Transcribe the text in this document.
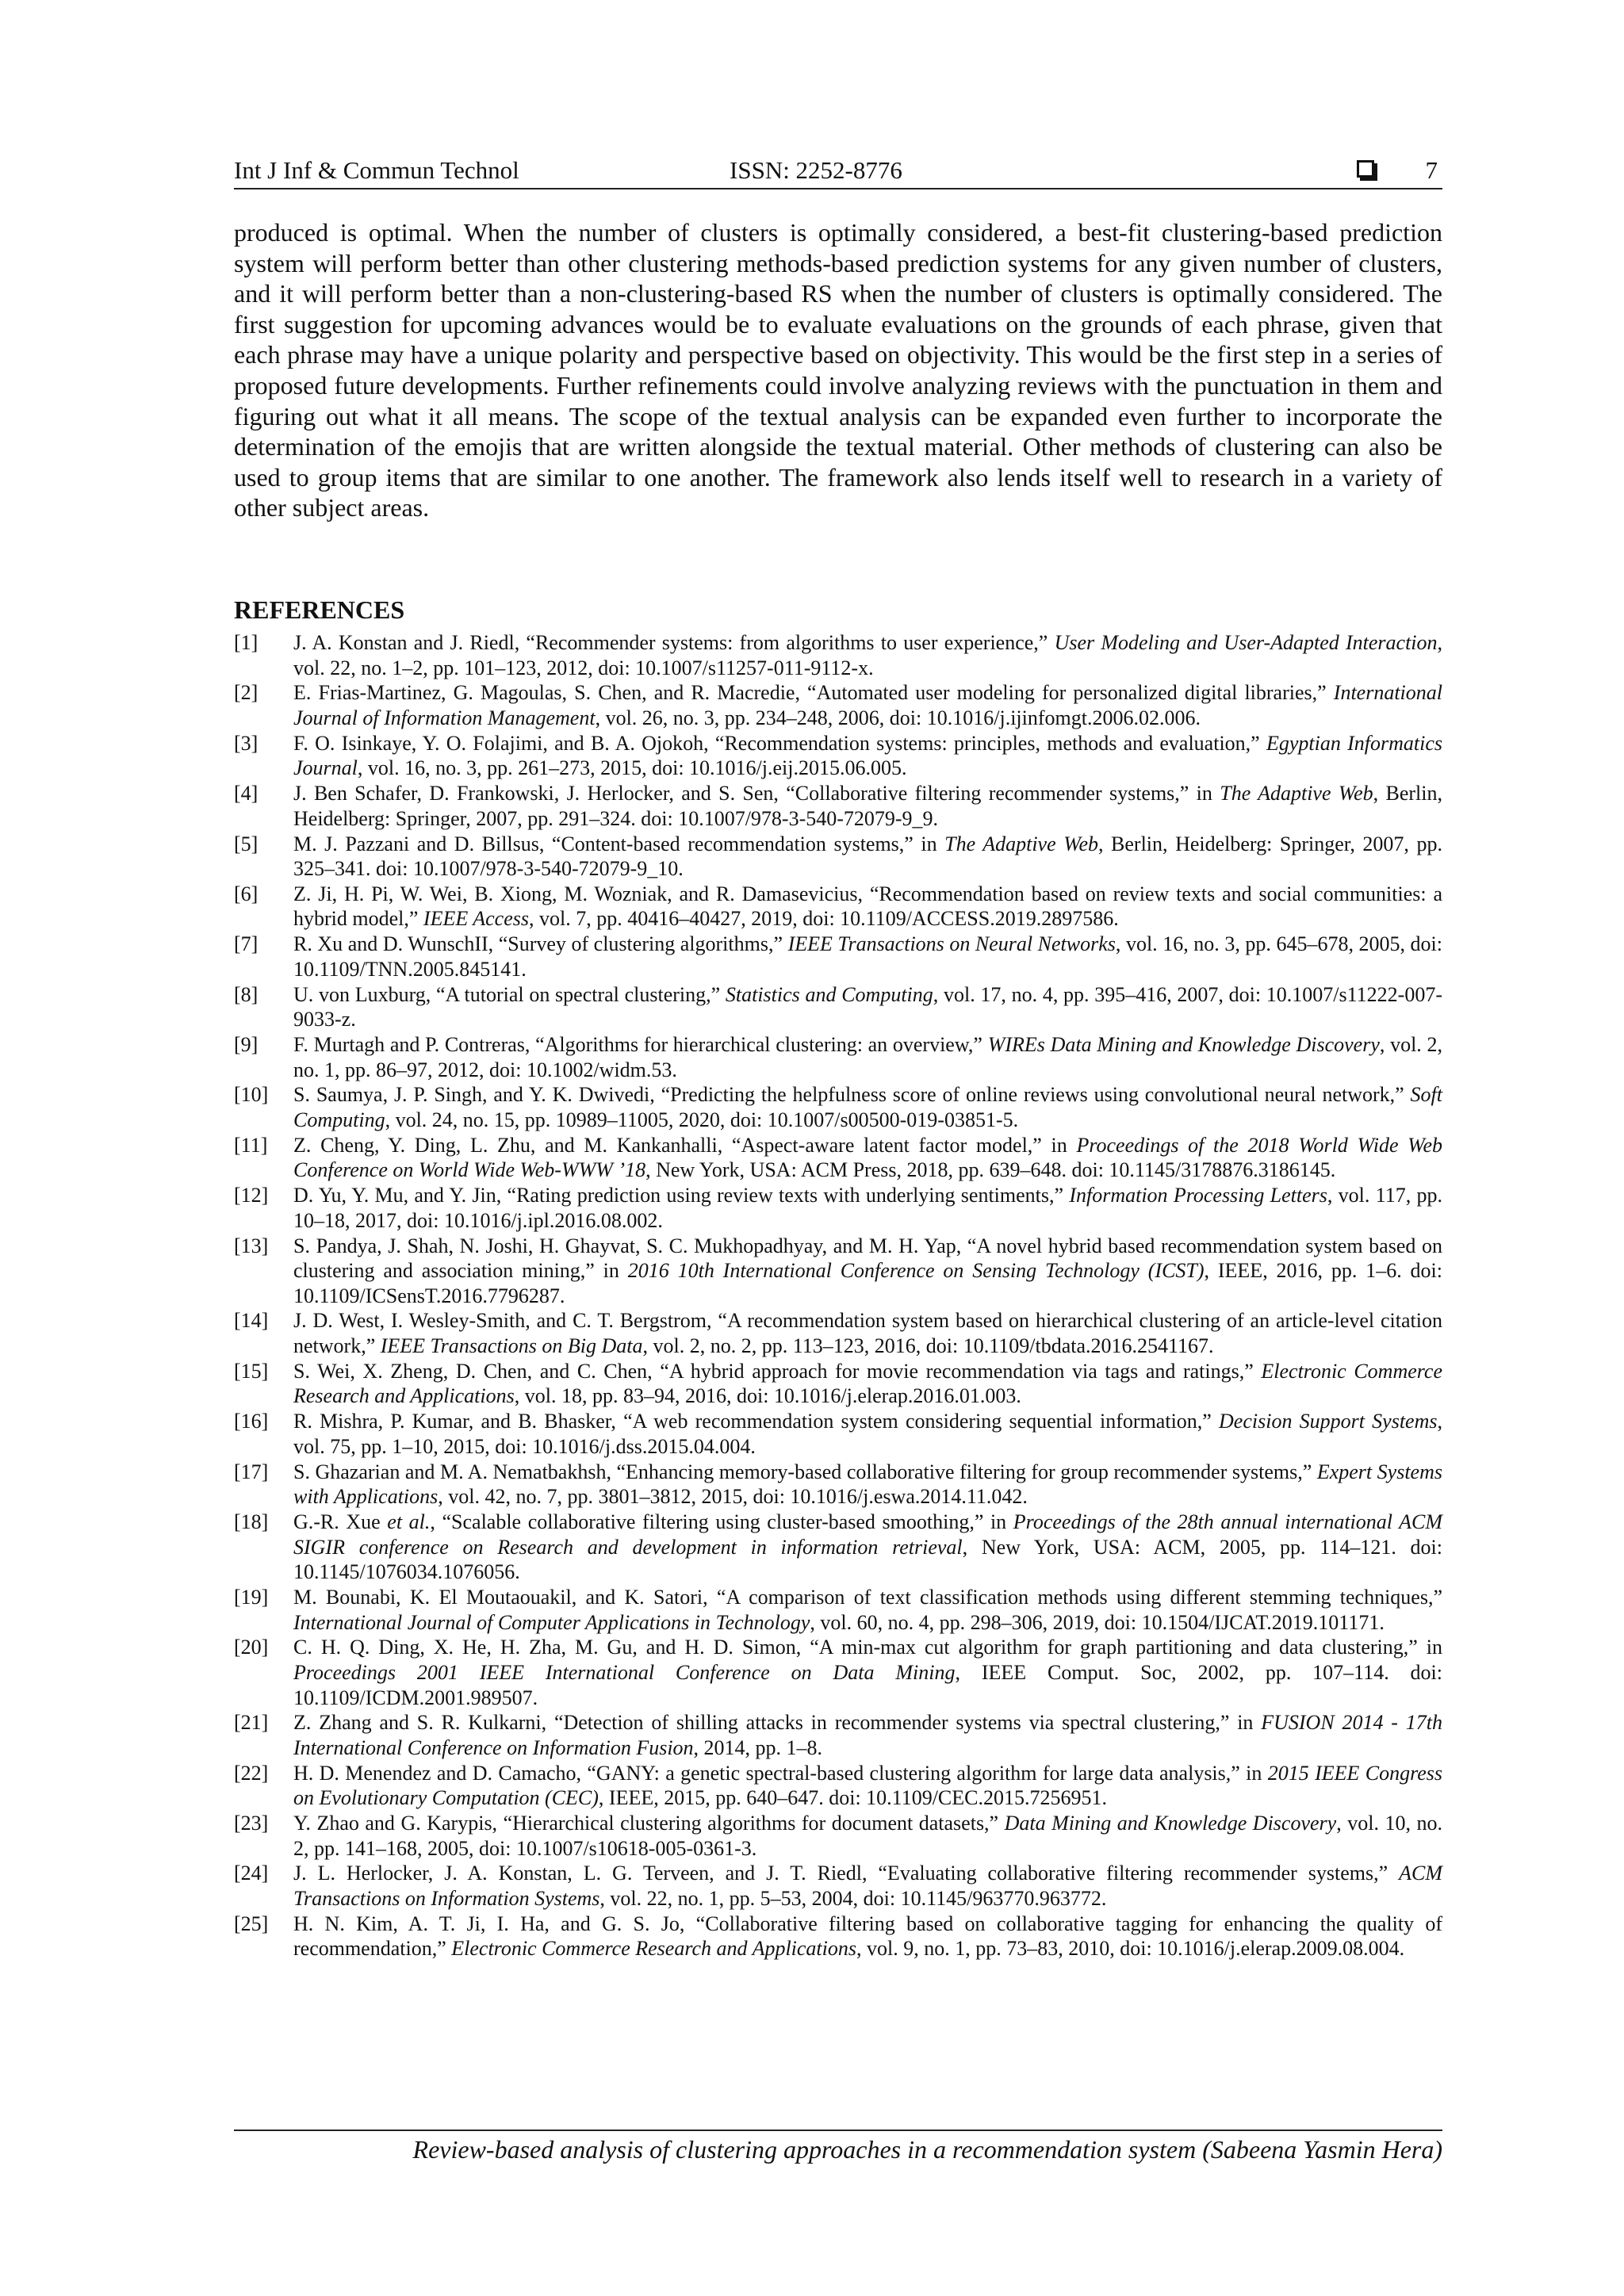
Int J Inf & Commun Technol	ISSN: 2252-8776	7

produced is optimal. When the number of clusters is optimally considered, a best-fit clustering-based prediction system will perform better than other clustering methods-based prediction systems for any given number of clusters, and it will perform better than a non-clustering-based RS when the number of clusters is optimally considered. The first suggestion for upcoming advances would be to evaluate evaluations on the grounds of each phrase, given that each phrase may have a unique polarity and perspective based on objectivity. This would be the first step in a series of proposed future developments. Further refinements could involve analyzing reviews with the punctuation in them and figuring out what it all means. The scope of the textual analysis can be expanded even further to incorporate the determination of the emojis that are written alongside the textual material. Other methods of clustering can also be used to group items that are similar to one another. The framework also lends itself well to research in a variety of other subject areas.

REFERENCES
[1] J. A. Konstan and J. Riedl, “Recommender systems: from algorithms to user experience,” User Modeling and User-Adapted Interaction, vol. 22, no. 1–2, pp. 101–123, 2012, doi: 10.1007/s11257-011-9112-x.
[2] E. Frias-Martinez, G. Magoulas, S. Chen, and R. Macredie, “Automated user modeling for personalized digital libraries,” International Journal of Information Management, vol. 26, no. 3, pp. 234–248, 2006, doi: 10.1016/j.ijinfomgt.2006.02.006.
[3] F. O. Isinkaye, Y. O. Folajimi, and B. A. Ojokoh, “Recommendation systems: principles, methods and evaluation,” Egyptian Informatics Journal, vol. 16, no. 3, pp. 261–273, 2015, doi: 10.1016/j.eij.2015.06.005.
[4] J. Ben Schafer, D. Frankowski, J. Herlocker, and S. Sen, “Collaborative filtering recommender systems,” in The Adaptive Web, Berlin, Heidelberg: Springer, 2007, pp. 291–324. doi: 10.1007/978-3-540-72079-9_9.
[5] M. J. Pazzani and D. Billsus, “Content-based recommendation systems,” in The Adaptive Web, Berlin, Heidelberg: Springer, 2007, pp. 325–341. doi: 10.1007/978-3-540-72079-9_10.
[6] Z. Ji, H. Pi, W. Wei, B. Xiong, M. Wozniak, and R. Damasevicius, “Recommendation based on review texts and social communities: a hybrid model,” IEEE Access, vol. 7, pp. 40416–40427, 2019, doi: 10.1109/ACCESS.2019.2897586.
[7] R. Xu and D. WunschII, “Survey of clustering algorithms,” IEEE Transactions on Neural Networks, vol. 16, no. 3, pp. 645–678, 2005, doi: 10.1109/TNN.2005.845141.
[8] U. von Luxburg, “A tutorial on spectral clustering,” Statistics and Computing, vol. 17, no. 4, pp. 395–416, 2007, doi: 10.1007/s11222-007-9033-z.
[9] F. Murtagh and P. Contreras, “Algorithms for hierarchical clustering: an overview,” WIREs Data Mining and Knowledge Discovery, vol. 2, no. 1, pp. 86–97, 2012, doi: 10.1002/widm.53.
[10] S. Saumya, J. P. Singh, and Y. K. Dwivedi, “Predicting the helpfulness score of online reviews using convolutional neural network,” Soft Computing, vol. 24, no. 15, pp. 10989–11005, 2020, doi: 10.1007/s00500-019-03851-5.
[11] Z. Cheng, Y. Ding, L. Zhu, and M. Kankanhalli, “Aspect-aware latent factor model,” in Proceedings of the 2018 World Wide Web Conference on World Wide Web-WWW ’18, New York, USA: ACM Press, 2018, pp. 639–648. doi: 10.1145/3178876.3186145.
[12] D. Yu, Y. Mu, and Y. Jin, “Rating prediction using review texts with underlying sentiments,” Information Processing Letters, vol. 117, pp. 10–18, 2017, doi: 10.1016/j.ipl.2016.08.002.
[13] S. Pandya, J. Shah, N. Joshi, H. Ghayvat, S. C. Mukhopadhyay, and M. H. Yap, “A novel hybrid based recommendation system based on clustering and association mining,” in 2016 10th International Conference on Sensing Technology (ICST), IEEE, 2016, pp. 1–6. doi: 10.1109/ICSensT.2016.7796287.
[14] J. D. West, I. Wesley-Smith, and C. T. Bergstrom, “A recommendation system based on hierarchical clustering of an article-level citation network,” IEEE Transactions on Big Data, vol. 2, no. 2, pp. 113–123, 2016, doi: 10.1109/tbdata.2016.2541167.
[15] S. Wei, X. Zheng, D. Chen, and C. Chen, “A hybrid approach for movie recommendation via tags and ratings,” Electronic Commerce Research and Applications, vol. 18, pp. 83–94, 2016, doi: 10.1016/j.elerap.2016.01.003.
[16] R. Mishra, P. Kumar, and B. Bhasker, “A web recommendation system considering sequential information,” Decision Support Systems, vol. 75, pp. 1–10, 2015, doi: 10.1016/j.dss.2015.04.004.
[17] S. Ghazarian and M. A. Nematbakhsh, “Enhancing memory-based collaborative filtering for group recommender systems,” Expert Systems with Applications, vol. 42, no. 7, pp. 3801–3812, 2015, doi: 10.1016/j.eswa.2014.11.042.
[18] G.-R. Xue et al., “Scalable collaborative filtering using cluster-based smoothing,” in Proceedings of the 28th annual international ACM SIGIR conference on Research and development in information retrieval, New York, USA: ACM, 2005, pp. 114–121. doi: 10.1145/1076034.1076056.
[19] M. Bounabi, K. El Moutaouakil, and K. Satori, “A comparison of text classification methods using different stemming techniques,” International Journal of Computer Applications in Technology, vol. 60, no. 4, pp. 298–306, 2019, doi: 10.1504/IJCAT.2019.101171.
[20] C. H. Q. Ding, X. He, H. Zha, M. Gu, and H. D. Simon, “A min-max cut algorithm for graph partitioning and data clustering,” in Proceedings 2001 IEEE International Conference on Data Mining, IEEE Comput. Soc, 2002, pp. 107–114. doi: 10.1109/ICDM.2001.989507.
[21] Z. Zhang and S. R. Kulkarni, “Detection of shilling attacks in recommender systems via spectral clustering,” in FUSION 2014 - 17th International Conference on Information Fusion, 2014, pp. 1–8.
[22] H. D. Menendez and D. Camacho, “GANY: a genetic spectral-based clustering algorithm for large data analysis,” in 2015 IEEE Congress on Evolutionary Computation (CEC), IEEE, 2015, pp. 640–647. doi: 10.1109/CEC.2015.7256951.
[23] Y. Zhao and G. Karypis, “Hierarchical clustering algorithms for document datasets,” Data Mining and Knowledge Discovery, vol. 10, no. 2, pp. 141–168, 2005, doi: 10.1007/s10618-005-0361-3.
[24] J. L. Herlocker, J. A. Konstan, L. G. Terveen, and J. T. Riedl, “Evaluating collaborative filtering recommender systems,” ACM Transactions on Information Systems, vol. 22, no. 1, pp. 5–53, 2004, doi: 10.1145/963770.963772.
[25] H. N. Kim, A. T. Ji, I. Ha, and G. S. Jo, “Collaborative filtering based on collaborative tagging for enhancing the quality of recommendation,” Electronic Commerce Research and Applications, vol. 9, no. 1, pp. 73–83, 2010, doi: 10.1016/j.elerap.2009.08.004.
Review-based analysis of clustering approaches in a recommendation system (Sabeena Yasmin Hera)
